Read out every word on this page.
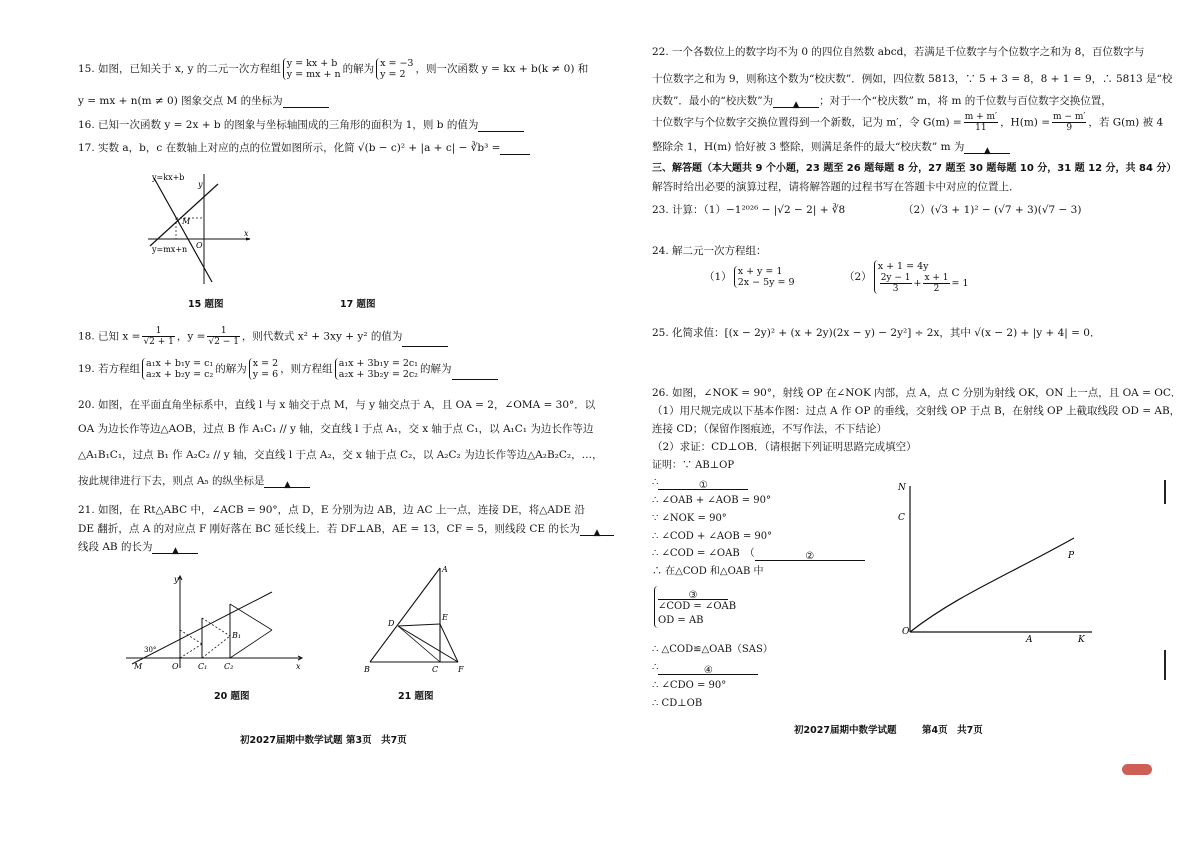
15. 如图，已知关于 x, y 的二元一次方程组 y = kx + b
y = mx + n 的解为 x = −3
y = 2 ，则一次函数 y = kx + b(k ≠ 0) 和
y = mx + n(m ≠ 0) 图象交点 M 的坐标为
16. 已知一次函数 y = 2x + b 的图象与坐标轴围成的三角形的面积为 1，则 b 的值为
17. 实数 a，b，c 在数轴上对应的点的位置如图所示，化简 √(b − c)² + |a + c| − ∛b³ =
y=kx+b
y
M
O
x
y=mx+n
15 题图	17 题图
18. 已知 $x = \frac{1}{√2 + 1}$ ，$y = \frac{1}{√2 - 1}$ ，则代数式 x² + 3xy + y² 的值为
19. 若方程组 a₁x + b₁y = c₁
a₂x + b₂y = c₂ 的解为 x = 2
y = 6 ，则方程组 a₁x + 3b₁y = 2c₁
a₂x + 3b₂y = 2c₂ 的解为
20. 如图，在平面直角坐标系中，直线 l 与 x 轴交于点 M，与 y 轴交点于 A，且 OA = 2，∠OMA = 30°．以
OA 为边长作等边△AOB，过点 B 作 A₁C₁ // y 轴，交直线 l 于点 A₁，交 x 轴于点 C₁，以 A₁C₁ 为边长作等边
△A₁B₁C₁，过点 B₁ 作 A₂C₂ // y 轴，交直线 l 于点 A₂，交 x 轴于点 C₂，以 A₂C₂ 为边长作等边△A₂B₂C₂，…，
按此规律进行下去，则点 A₅ 的纵坐标是 ▲
21. 如图，在 Rt△ABC 中，∠ACB = 90°，点 D，E 分别为边 AB，边 AC 上一点，连接 DE，将△ADE 沿
DE 翻折，点 A 的对应点 F 刚好落在 BC 延长线上．若 DF⊥AB，AE = 13，CF = 5，则线段 CE 的长为 ▲
线段 AB 的长为 ▲
M
30°
y
O C₁ C₂
B₁
x
A
D
E
B	C F
20 题图	21 题图
初2027届期中数学试题 第3页　共7页
22. 一个各数位上的数字均不为 0 的四位自然数 abcd，若满足千位数字与个位数字之和为 8，百位数字与
十位数字之和为 9，则称这个数为“校庆数”．例如，四位数 5813，∵ 5 + 3 = 8，8 + 1 = 9，∴ 5813 是“校
庆数”．最小的“校庆数”为 ▲ ；对于一个“校庆数” m，将 m 的千位数与百位数字交换位置，
十位数字与个位数字交换位置得到一个新数，记为 m′，令 $G(m) = \frac{m + m'}{11}$ ，$H(m) = \frac{m - m'}{9}$ ，若 G(m) 被 4
整除余 1，H(m) 恰好被 3 整除，则满足条件的最大“校庆数” m 为 ▲
三、解答题（本大题共 9 个小题，23 题至 26 题每题 8 分，27 题至 30 题每题 10 分，31 题 12 分，共 84 分）
解答时给出必要的演算过程，请将解答题的过程书写在答题卡中对应的位置上．
23. 计算：（1）−1²⁰²⁶ − |√2 − 2| + ∛8　　　　　　（2）(√3 + 1)² − (√7 + 3)(√7 − 3)
24. 解二元一次方程组：
（1） x + y = 1
2x − 5y = 9	（2）x + 1 = 4y

$\frac{2y - 1}{3} + \frac{x + 1}{2} = 1$
25. 化简求值：[(x − 2y)² + (x + 2y)(2x − y) − 2y²] ÷ 2x，其中 √(x − 2) + |y + 4| = 0．
26. 如图，∠NOK = 90°，射线 OP 在∠NOK 内部，点 A，点 C 分别为射线 OK，ON 上一点，且 OA = OC．
（1）用尺规完成以下基本作图：过点 A 作 OP 的垂线，交射线 OP 于点 B，在射线 OP 上截取线段 OD = AB，
连接 CD；（保留作图痕迹，不写作法，不下结论）
（2）求证：CD⊥OB．（请根据下列证明思路完成填空）
证明：∵ AB⊥OP
∴	①
∴ ∠OAB + ∠AOB = 90°
∵ ∠NOK = 90°
∴ ∠COD + ∠AOB = 90°
∴ ∠COD = ∠OAB　（	②
∴ 在△COD 和△OAB 中
③
∠COD = ∠OAB
OD = AB
∴ △COD≌△OAB（SAS）
∴	④
∴ ∠CDO = 90°
∴ CD⊥OB
N
C
P
O
A	K
初2027届期中数学试题	第4页　共7页
